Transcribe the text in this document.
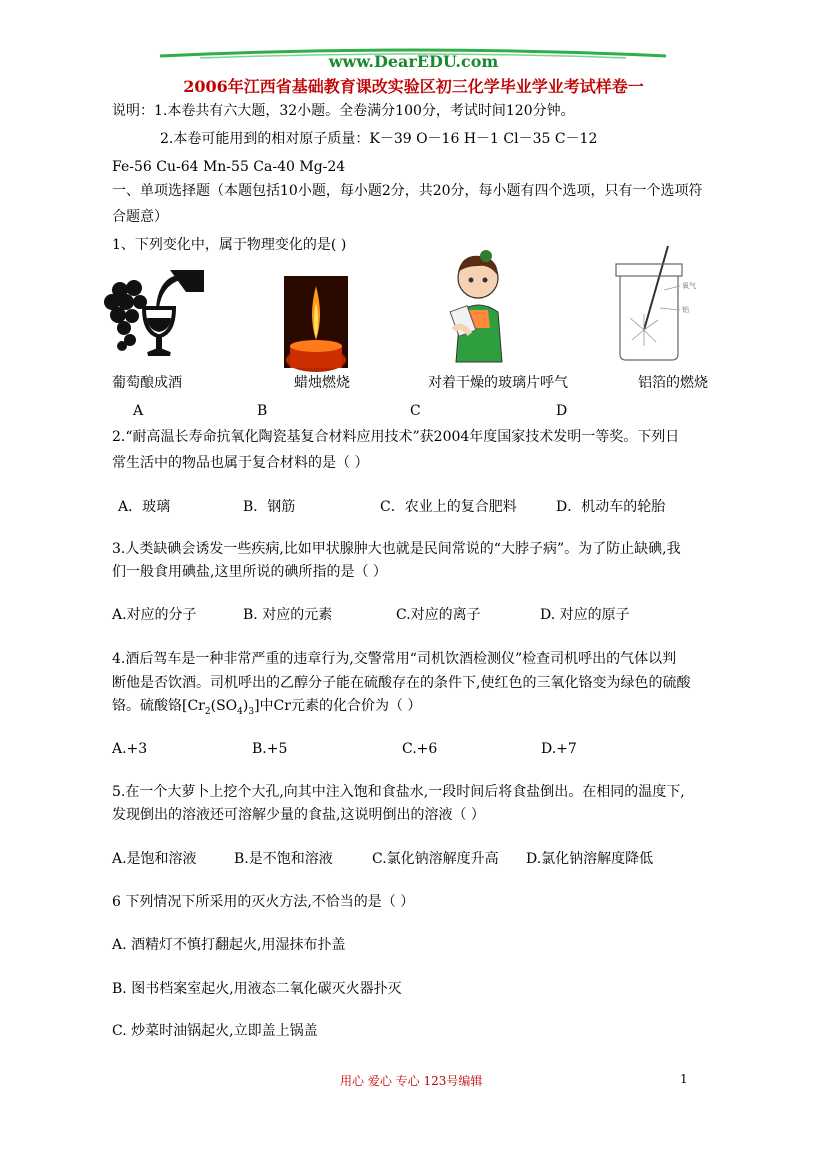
www.DearEDU.com
2006年江西省基础教育课改实验区初三化学毕业学业考试样卷一
说明：1.本卷共有六大题，32小题。全卷满分100分，考试时间120分钟。
2.本卷可能用到的相对原子质量：K－39 O－16 H－1 Cl－35 C－12
Fe-56 Cu-64 Mn-55 Ca-40 Mg-24
一、单项选择题（本题包括10小题，每小题2分，共20分，每小题有四个选项，只有一个选项符
合题意）
1、下列变化中，属于物理变化的是( )
氧气
铝
葡萄酿成酒	蜡烛燃烧	对着干燥的玻璃片呼气	铝箔的燃烧
A	B	C	D
2.“耐高温长寿命抗氧化陶瓷基复合材料应用技术”获2004年度国家技术发明一等奖。下列日
常生活中的物品也属于复合材料的是（ ）
A．玻璃	B．钢筋	C．农业上的复合肥料	D．机动车的轮胎
3.人类缺碘会诱发一些疾病,比如甲状腺肿大也就是民间常说的“大脖子病”。为了防止缺碘,我
们一般食用碘盐,这里所说的碘所指的是（ ）
A.对应的分子	B. 对应的元素	C.对应的离子	D. 对应的原子
4.酒后驾车是一种非常严重的违章行为,交警常用“司机饮酒检测仪”检查司机呼出的气体以判
断他是否饮酒。司机呼出的乙醇分子能在硫酸存在的条件下,使红色的三氧化铬变为绿色的硫酸
铬。硫酸铬$[Cr_2(SO_4)_3]$中Cr元素的化合价为（ ）
A.+3	B.+5	C.+6	D.+7
5.在一个大萝卜上挖个大孔,向其中注入饱和食盐水,一段时间后将食盐倒出。在相同的温度下,
发现倒出的溶液还可溶解少量的食盐,这说明倒出的溶液（ ）
A.是饱和溶液	B.是不饱和溶液	C.氯化钠溶解度升高 D.氯化钠溶解度降低
6 下列情况下所采用的灭火方法,不恰当的是（ ）
A. 酒精灯不慎打翻起火,用湿抹布扑盖
B. 图书档案室起火,用液态二氧化碳灭火器扑灭
C. 炒菜时油锅起火,立即盖上锅盖
用心 爱心 专心 123号编辑	1
